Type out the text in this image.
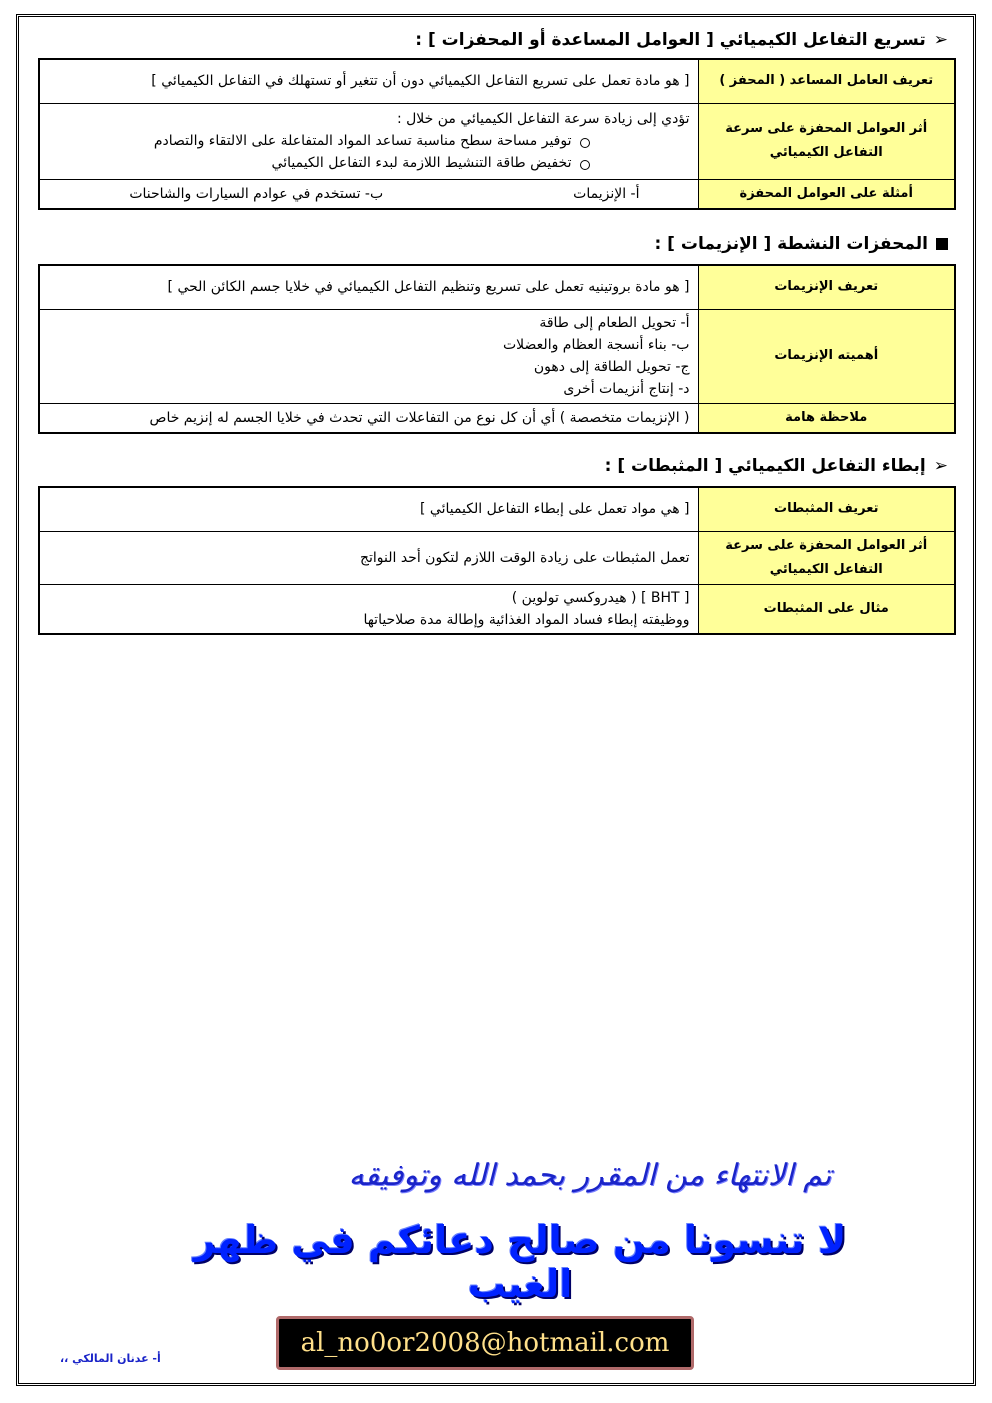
➢
تسريع التفاعل الكيميائي [ العوامل المساعدة أو المحفزات ] :
تعريف العامل المساعد ( المحفز )	[ هو مادة تعمل على تسريع التفاعل الكيميائي دون أن تتغير أو تستهلك في التفاعل الكيميائي ]
أثر العوامل المحفزة على سرعة التفاعل الكيميائي	تؤدي إلى زيادة سرعة التفاعل الكيميائي من خلال :
توفير مساحة سطح مناسبة تساعد المواد المتفاعلة على الالتقاء والتصادم
تخفيض طاقة التنشيط اللازمة لبدء التفاعل الكيميائي

أمثلة على العوامل المحفزة	أ- الإنزيمات
ب- تستخدم في عوادم السيارات والشاحنات
المحفزات النشطة [ الإنزيمات ] :
تعريف الإنزيمات	[ هو مادة بروتينيه تعمل على تسريع وتنظيم التفاعل الكيميائي في خلايا جسم الكائن الحي ]
أهميته الإنزيمات	أ- تحويل الطعام إلى طاقة
ب- بناء أنسجة العظام والعضلات
ج- تحويل الطاقة إلى دهون
د- إنتاج أنزيمات أخرى

ملاحظة هامة	( الإنزيمات متخصصة ) أي أن كل نوع من التفاعلات التي تحدث في خلايا الجسم له إنزيم خاص
➢
إبطاء التفاعل الكيميائي [ المثبطات ] :
تعريف المثبطات	[ هي مواد تعمل على إبطاء التفاعل الكيميائي ]
أثر العوامل المحفزة على سرعة التفاعل الكيميائي	تعمل المثبطات على زيادة الوقت اللازم لتكون أحد النواتج
مثال على المثبطات	[ BHT ] ( هيدروكسي تولوين )
ووظيفته إبطاء فساد المواد الغذائية وإطالة مدة صلاحياتها
تم الانتهاء من المقرر بحمد الله وتوفيقه
لا تنسونا من صالح دعائكم في ظهر الغيب
al_no0or2008@hotmail.com
أ- عدنان المالكي ،،
